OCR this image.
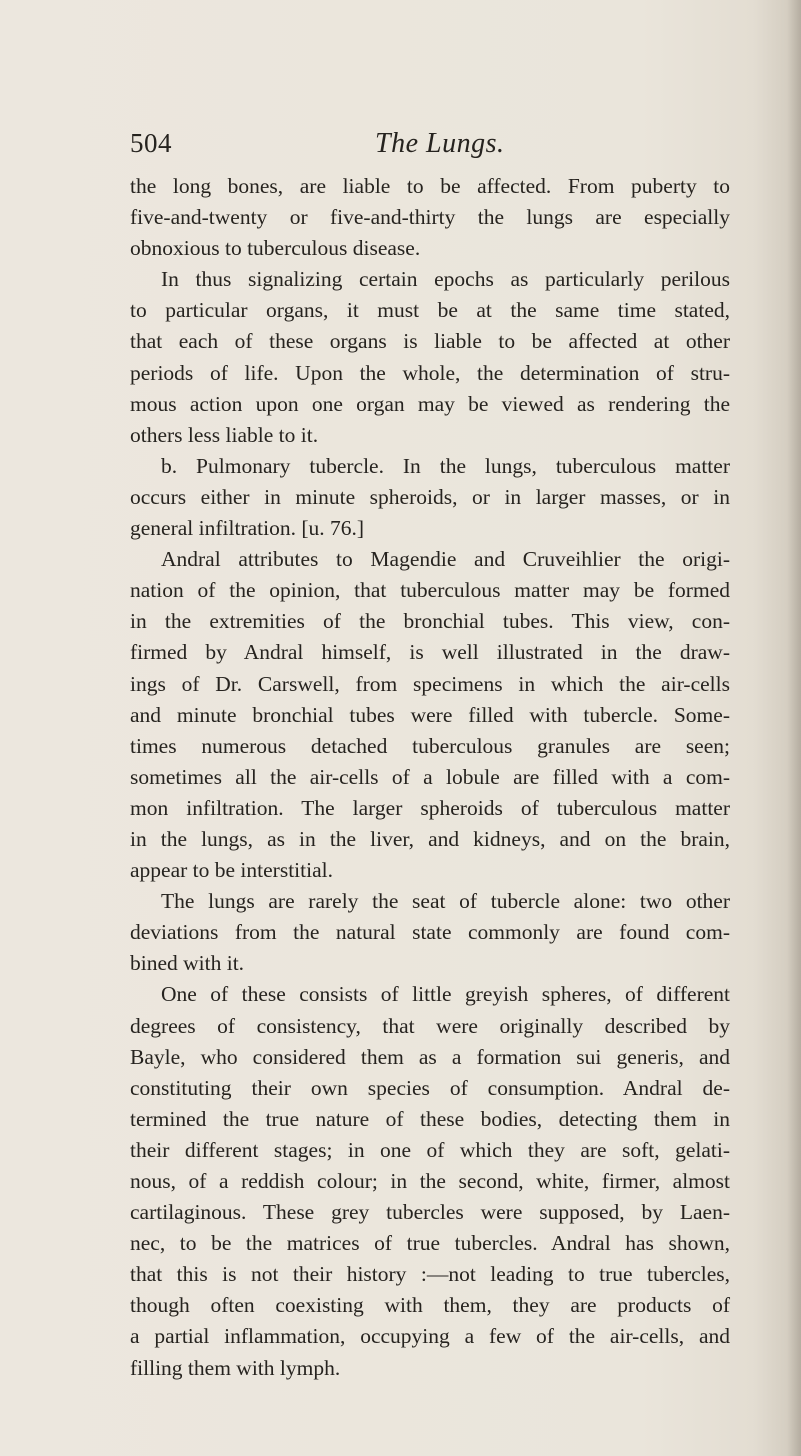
504	The Lungs.
the long bones, are liable to be affected. From puberty to
five-and-twenty or five-and-thirty the lungs are especially
obnoxious to tuberculous disease.
In thus signalizing certain epochs as particularly perilous
to particular organs, it must be at the same time stated,
that each of these organs is liable to be affected at other
periods of life. Upon the whole, the determination of stru-
mous action upon one organ may be viewed as rendering the
others less liable to it.
b. Pulmonary tubercle. In the lungs, tuberculous matter
occurs either in minute spheroids, or in larger masses, or in
general infiltration. [u. 76.]
Andral attributes to Magendie and Cruveihlier the origi-
nation of the opinion, that tuberculous matter may be formed
in the extremities of the bronchial tubes. This view, con-
firmed by Andral himself, is well illustrated in the draw-
ings of Dr. Carswell, from specimens in which the air-cells
and minute bronchial tubes were filled with tubercle. Some-
times numerous detached tuberculous granules are seen;
sometimes all the air-cells of a lobule are filled with a com-
mon infiltration. The larger spheroids of tuberculous matter
in the lungs, as in the liver, and kidneys, and on the brain,
appear to be interstitial.
The lungs are rarely the seat of tubercle alone: two other
deviations from the natural state commonly are found com-
bined with it.
One of these consists of little greyish spheres, of different
degrees of consistency, that were originally described by
Bayle, who considered them as a formation sui generis, and
constituting their own species of consumption. Andral de-
termined the true nature of these bodies, detecting them in
their different stages; in one of which they are soft, gelati-
nous, of a reddish colour; in the second, white, firmer, almost
cartilaginous. These grey tubercles were supposed, by Laen-
nec, to be the matrices of true tubercles. Andral has shown,
that this is not their history :—not leading to true tubercles,
though often coexisting with them, they are products of
a partial inflammation, occupying a few of the air-cells, and
filling them with lymph.
